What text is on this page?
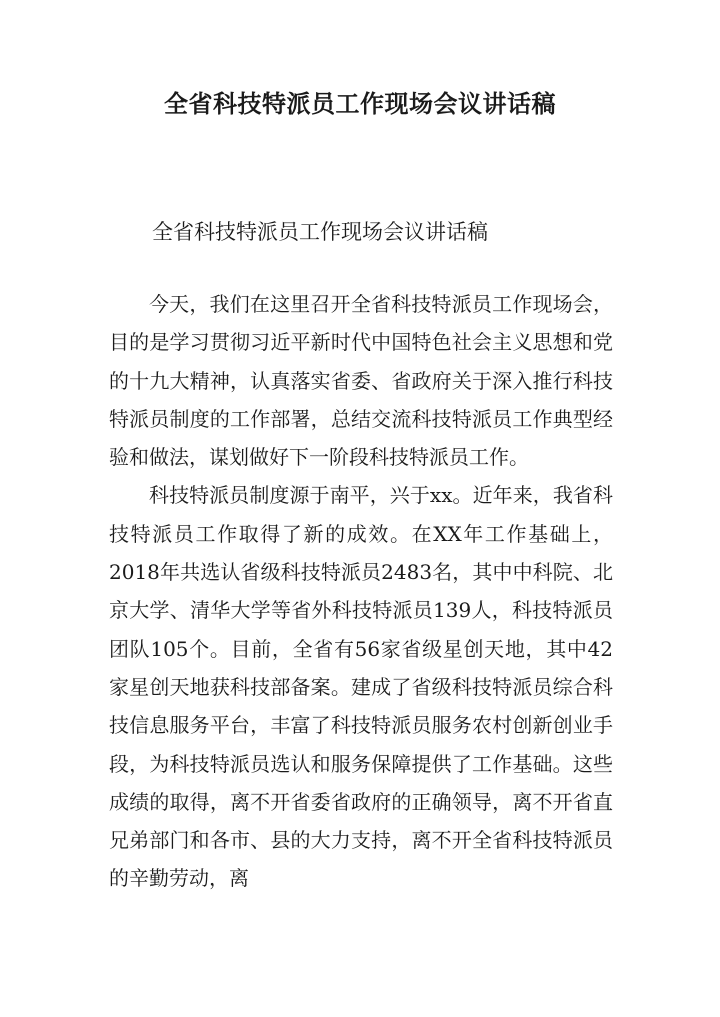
全省科技特派员工作现场会议讲话稿
全省科技特派员工作现场会议讲话稿

今天，我们在这里召开全省科技特派员工作现场会，目的是学习贯彻习近平新时代中国特色社会主义思想和党的十九大精神，认真落实省委、省政府关于深入推行科技特派员制度的工作部署，总结交流科技特派员工作典型经验和做法，谋划做好下一阶段科技特派员工作。

科技特派员制度源于南平，兴于xx。近年来，我省科技特派员工作取得了新的成效。在XX年工作基础上，2018年共选认省级科技特派员2483名，其中中科院、北京大学、清华大学等省外科技特派员139人，科技特派员团队105个。目前，全省有56家省级星创天地，其中42家星创天地获科技部备案。建成了省级科技特派员综合科技信息服务平台，丰富了科技特派员服务农村创新创业手段，为科技特派员选认和服务保障提供了工作基础。这些成绩的取得，离不开省委省政府的正确领导，离不开省直兄弟部门和各市、县的大力支持，离不开全省科技特派员的辛勤劳动，离
